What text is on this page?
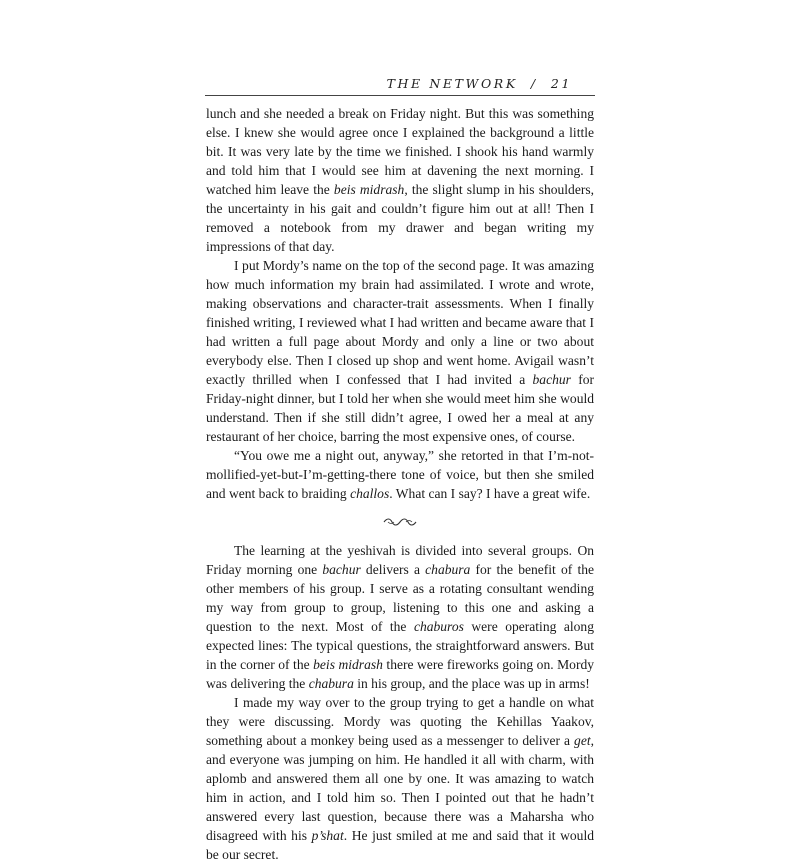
THE NETWORK / 21

lunch and she needed a break on Friday night. But this was something else. I knew she would agree once I explained the background a little bit. It was very late by the time we finished. I shook his hand warmly and told him that I would see him at davening the next morning. I watched him leave the beis midrash, the slight slump in his shoulders, the uncertainty in his gait and couldn’t figure him out at all! Then I removed a notebook from my drawer and began writing my impressions of that day.

I put Mordy’s name on the top of the second page. It was amazing how much information my brain had assimilated. I wrote and wrote, making observations and character-trait assessments. When I finally finished writing, I reviewed what I had written and became aware that I had written a full page about Mordy and only a line or two about everybody else. Then I closed up shop and went home. Avigail wasn’t exactly thrilled when I confessed that I had invited a bachur for Friday-night dinner, but I told her when she would meet him she would understand. Then if she still didn’t agree, I owed her a meal at any restaurant of her choice, barring the most expensive ones, of course.

“You owe me a night out, anyway,” she retorted in that I’m-not-mollified-yet-but-I’m-getting-there tone of voice, but then she smiled and went back to braiding challos. What can I say? I have a great wife.

The learning at the yeshivah is divided into several groups. On Friday morning one bachur delivers a chabura for the benefit of the other members of his group. I serve as a rotating consultant wending my way from group to group, listening to this one and asking a question to the next. Most of the chaburos were operating along expected lines: The typical questions, the straightforward answers. But in the corner of the beis midrash there were fireworks going on. Mordy was delivering the chabura in his group, and the place was up in arms!

I made my way over to the group trying to get a handle on what they were discussing. Mordy was quoting the Kehillas Yaakov, something about a monkey being used as a messenger to deliver a get, and everyone was jumping on him. He handled it all with charm, with aplomb and answered them all one by one. It was amazing to watch him in action, and I told him so. Then I pointed out that he hadn’t answered every last question, because there was a Maharsha who disagreed with his p’shat. He just smiled at me and said that it would be our secret.
